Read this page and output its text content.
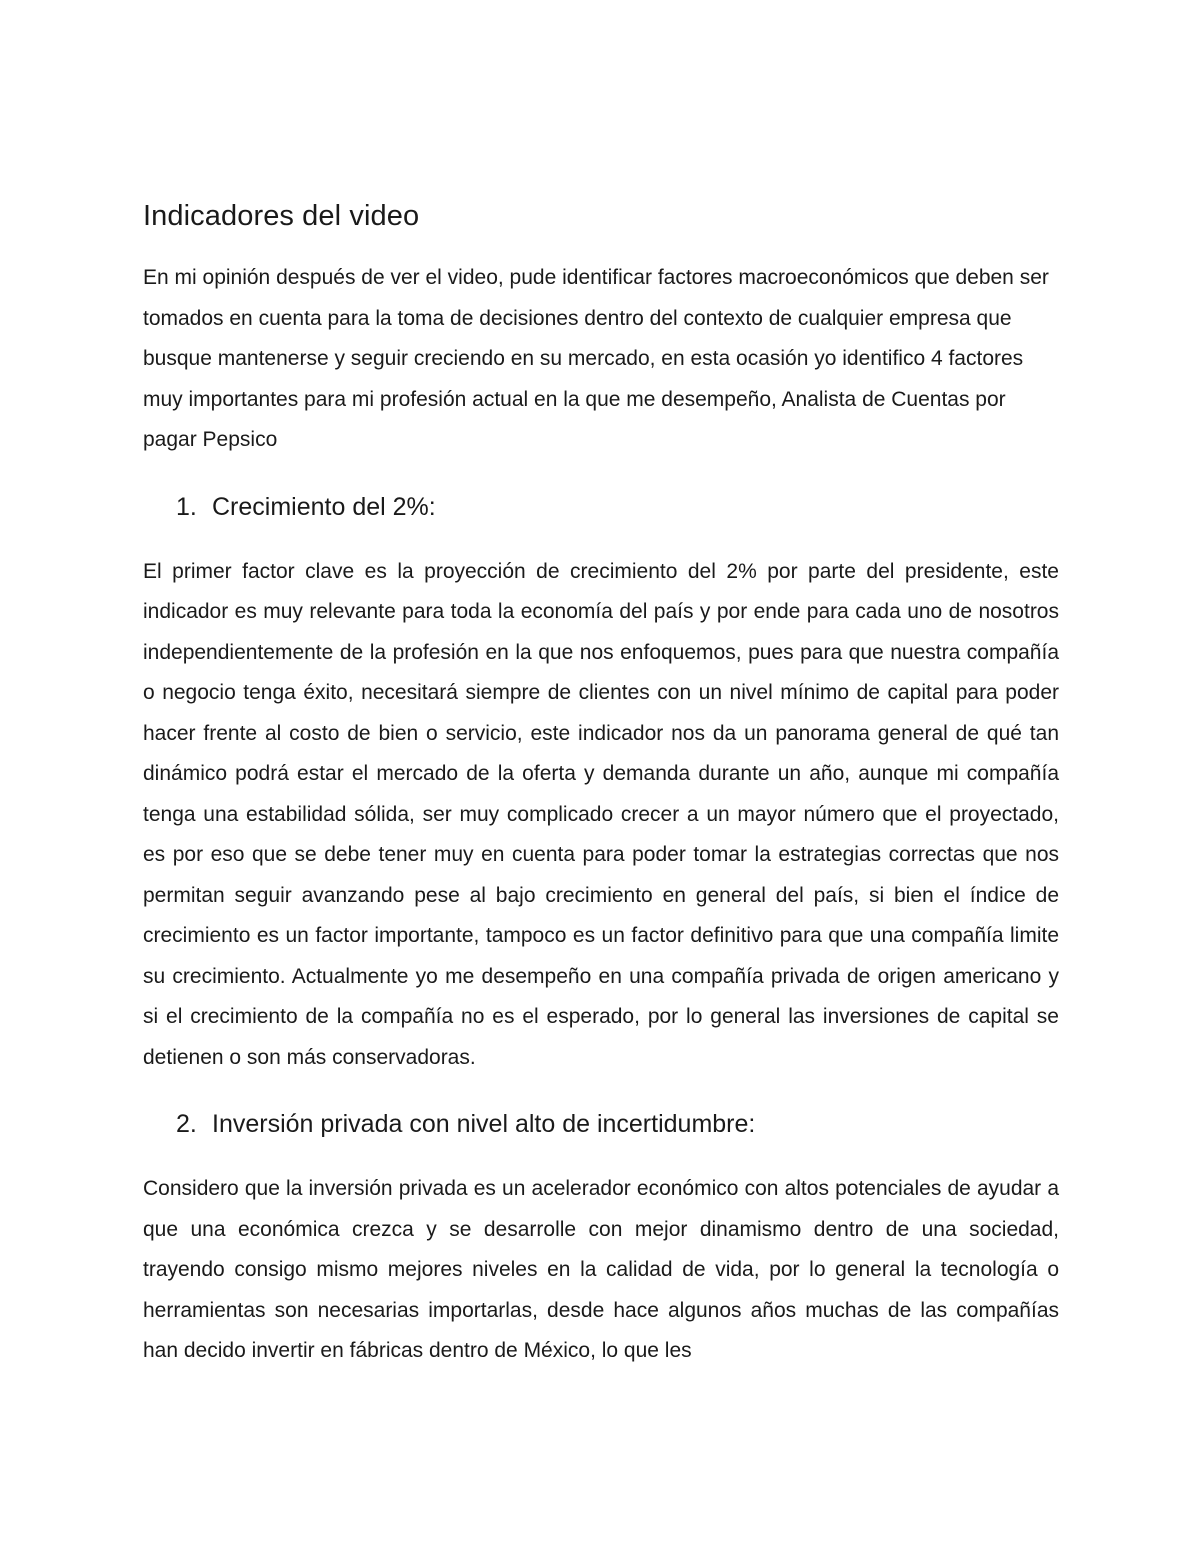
Indicadores del video

En mi opinión después de ver el video, pude identificar factores macroeconómicos que deben ser tomados en cuenta para la toma de decisiones dentro del contexto de cualquier empresa que busque mantenerse y seguir creciendo en su mercado, en esta ocasión yo identifico 4 factores muy importantes para mi profesión actual en la que me desempeño, Analista de Cuentas por pagar Pepsico

1. Crecimiento del 2%:

El primer factor clave es la proyección de crecimiento del 2% por parte del presidente, este indicador es muy relevante para toda la economía del país y por ende para cada uno de nosotros independientemente de la profesión en la que nos enfoquemos, pues para que nuestra compañía o negocio tenga éxito, necesitará siempre de clientes con un nivel mínimo de capital para poder hacer frente al costo de bien o servicio, este indicador nos da un panorama general de qué tan dinámico podrá estar el mercado de la oferta y demanda durante un año, aunque mi compañía tenga una estabilidad sólida, ser muy complicado crecer a un mayor número que el proyectado, es por eso que se debe tener muy en cuenta para poder tomar la estrategias correctas que nos permitan seguir avanzando pese al bajo crecimiento en general del país, si bien el índice de crecimiento es un factor importante, tampoco es un factor definitivo para que una compañía limite su crecimiento. Actualmente yo me desempeño en una compañía privada de origen americano y si el crecimiento de la compañía no es el esperado, por lo general las inversiones de capital se detienen o son más conservadoras.

2. Inversión privada con nivel alto de incertidumbre:

Considero que la inversión privada es un acelerador económico con altos potenciales de ayudar a que una económica crezca y se desarrolle con mejor dinamismo dentro de una sociedad, trayendo consigo mismo mejores niveles en la calidad de vida, por lo general la tecnología o herramientas son necesarias importarlas, desde hace algunos años muchas de las compañías han decido invertir en fábricas dentro de México, lo que les
